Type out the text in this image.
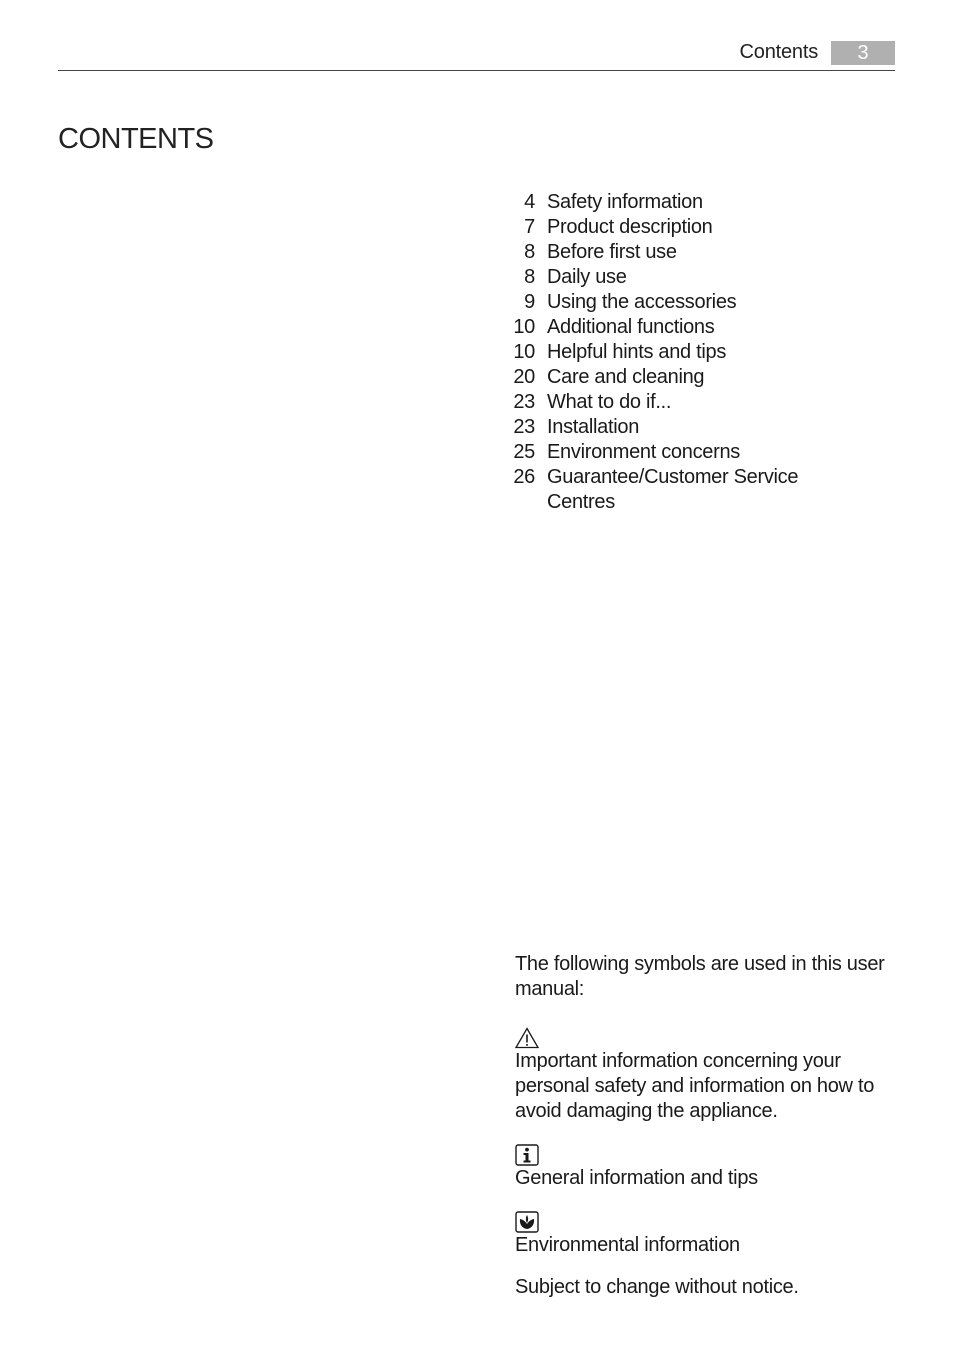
Contents	3
CONTENTS
4 Safety information
7 Product description
8 Before first use
8 Daily use
9 Using the accessories
10 Additional functions
10 Helpful hints and tips
20 Care and cleaning
23 What to do if...
23 Installation
25 Environment concerns
26 Guarantee/Customer Service Centres

The following symbols are used in this user manual:

Important information concerning your personal safety and information on how to avoid damaging the appliance.

General information and tips

Environmental information

Subject to change without notice.
